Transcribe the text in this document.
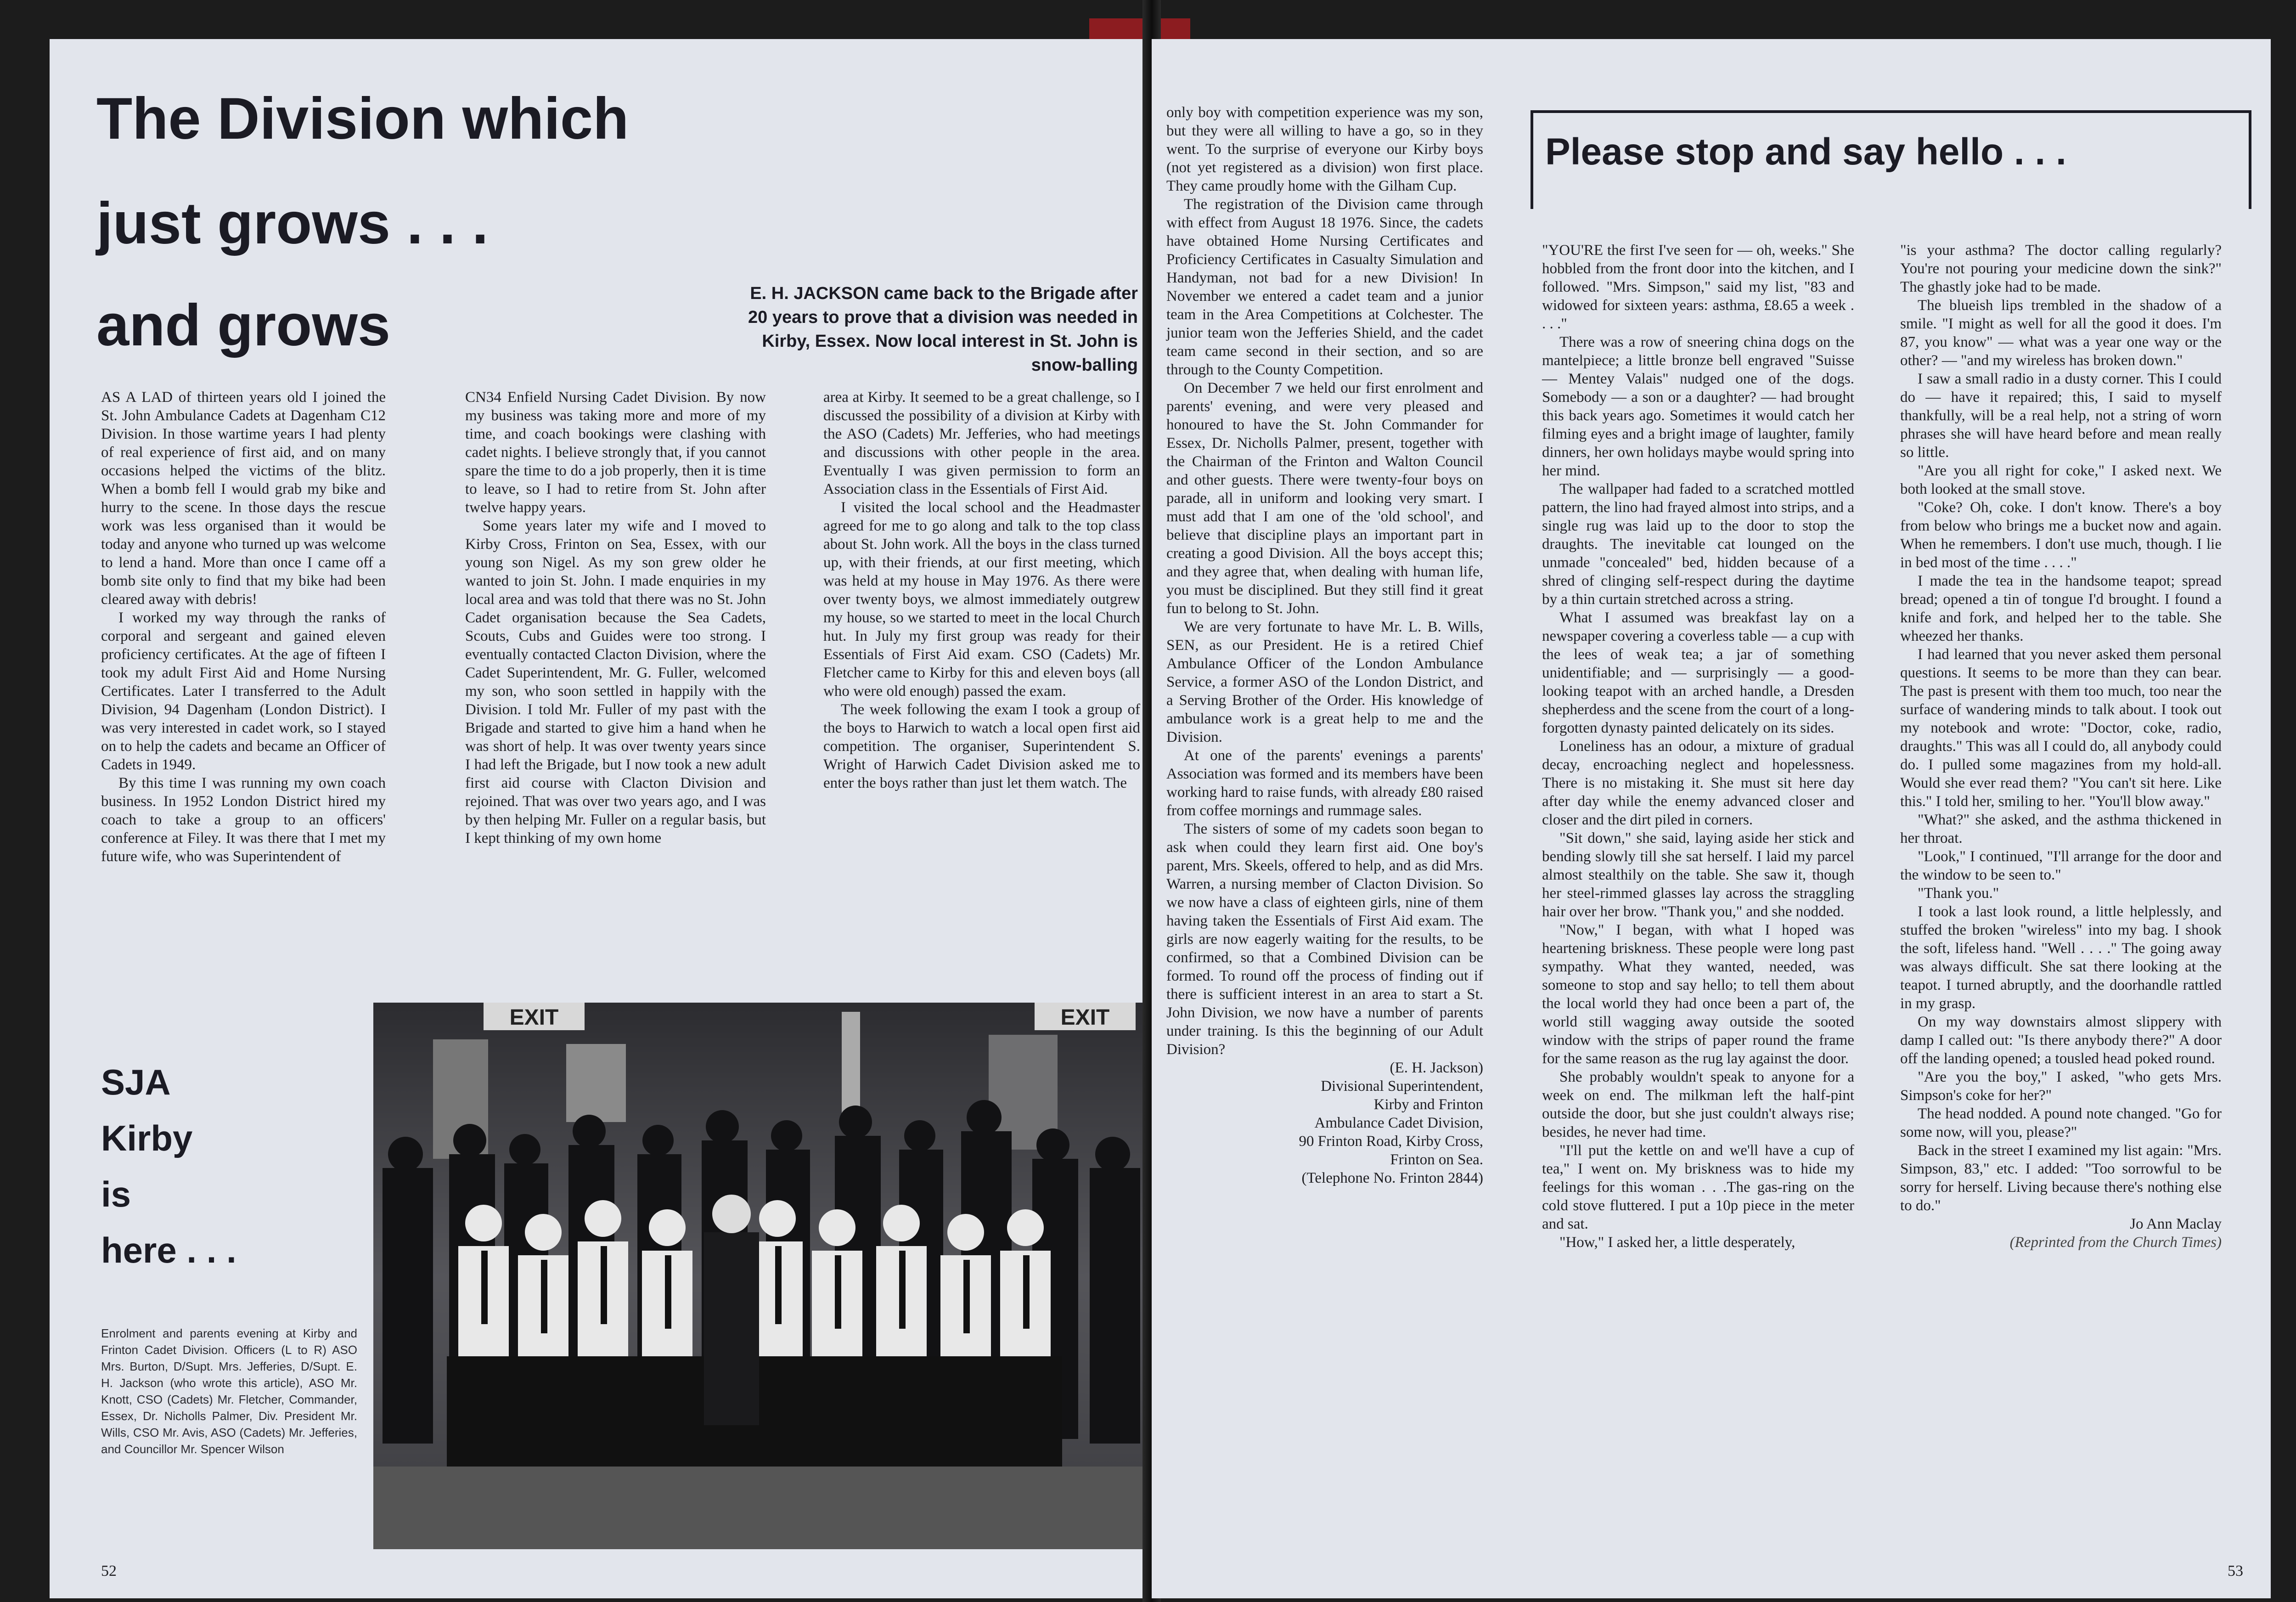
The Division which
just grows . . .
and grows	E. H. JACKSON came back to the Brigade after 20 years to prove that a division was needed in Kirby, Essex. Now local interest in St. John is snow-balling

AS A LAD of thirteen years old I joined the St. John Ambulance Cadets at Dagenham C12 Division. In those wartime years I had plenty of real experience of first aid, and on many occasions helped the victims of the blitz. When a bomb fell I would grab my bike and hurry to the scene. In those days the rescue work was less organised than it would be today and anyone who turned up was welcome to lend a hand. More than once I came off a bomb site only to find that my bike had been cleared away with debris!

I worked my way through the ranks of corporal and sergeant and gained eleven proficiency certificates. At the age of fifteen I took my adult First Aid and Home Nursing Certificates. Later I transferred to the Adult Division, 94 Dagenham (London District). I was very interested in cadet work, so I stayed on to help the cadets and became an Officer of Cadets in 1949.

By this time I was running my own coach business. In 1952 London District hired my coach to take a group to an officers' conference at Filey. It was there that I met my future wife, who was Superintendent of

CN34 Enfield Nursing Cadet Division. By now my business was taking more and more of my time, and coach bookings were clashing with cadet nights. I believe strongly that, if you cannot spare the time to do a job properly, then it is time to leave, so I had to retire from St. John after twelve happy years.

Some years later my wife and I moved to Kirby Cross, Frinton on Sea, Essex, with our young son Nigel. As my son grew older he wanted to join St. John. I made enquiries in my local area and was told that there was no St. John Cadet organisation because the Sea Cadets, Scouts, Cubs and Guides were too strong. I eventually contacted Clacton Division, where the Cadet Superintendent, Mr. G. Fuller, welcomed my son, who soon settled in happily with the Division. I told Mr. Fuller of my past with the Brigade and started to give him a hand when he was short of help. It was over twenty years since I had left the Brigade, but I now took a new adult first aid course with Clacton Division and rejoined. That was over two years ago, and I was by then helping Mr. Fuller on a regular basis, but I kept thinking of my own home

area at Kirby. It seemed to be a great challenge, so I discussed the possibility of a division at Kirby with the ASO (Cadets) Mr. Jefferies, who had meetings and discussions with other people in the area. Eventually I was given permission to form an Association class in the Essentials of First Aid.

I visited the local school and the Headmaster agreed for me to go along and talk to the top class about St. John work. All the boys in the class turned up, with their friends, at our first meeting, which was held at my house in May 1976. As there were over twenty boys, we almost immediately outgrew my house, so we started to meet in the local Church hut. In July my first group was ready for their Essentials of First Aid exam. CSO (Cadets) Mr. Fletcher came to Kirby for this and eleven boys (all who were old enough) passed the exam.

The week following the exam I took a group of the boys to Harwich to watch a local open first aid competition. The organiser, Superintendent S. Wright of Harwich Cadet Division asked me to enter the boys rather than just let them watch. The

SJA
Kirby
is
here . . .
Enrolment and parents evening at Kirby and Frinton Cadet Division. Officers (L to R) ASO Mrs. Burton, D/Supt. Mrs. Jefferies, D/Supt. E. H. Jackson (who wrote this article), ASO Mr. Knott, CSO (Cadets) Mr. Fletcher, Commander, Essex, Dr. Nicholls Palmer, Div. President Mr. Wills, CSO Mr. Avis, ASO (Cadets) Mr. Jefferies, and Councillor Mr. Spencer Wilson
EXIT	EXIT
52

only boy with competition experience was my son, but they were all willing to have a go, so in they went. To the surprise of everyone our Kirby boys (not yet registered as a division) won first place. They came proudly home with the Gilham Cup.

The registration of the Division came through with effect from August 18 1976. Since, the cadets have obtained Home Nursing Certificates and Proficiency Certificates in Casualty Simulation and Handyman, not bad for a new Division! In November we entered a cadet team and a junior team in the Area Competitions at Colchester. The junior team won the Jefferies Shield, and the cadet team came second in their section, and so are through to the County Competition.

On December 7 we held our first enrolment and parents' evening, and were very pleased and honoured to have the St. John Commander for Essex, Dr. Nicholls Palmer, present, together with the Chairman of the Frinton and Walton Council and other guests. There were twenty-four boys on parade, all in uniform and looking very smart. I must add that I am one of the 'old school', and believe that discipline plays an important part in creating a good Division. All the boys accept this; and they agree that, when dealing with human life, you must be disciplined. But they still find it great fun to belong to St. John.

We are very fortunate to have Mr. L. B. Wills, SEN, as our President. He is a retired Chief Ambulance Officer of the London Ambulance Service, a former ASO of the London District, and a Serving Brother of the Order. His knowledge of ambulance work is a great help to me and the Division.

At one of the parents' evenings a parents' Association was formed and its members have been working hard to raise funds, with already £80 raised from coffee mornings and rummage sales.

The sisters of some of my cadets soon began to ask when could they learn first aid. One boy's parent, Mrs. Skeels, offered to help, and as did Mrs. Warren, a nursing member of Clacton Division. So we now have a class of eighteen girls, nine of them having taken the Essentials of First Aid exam. The girls are now eagerly waiting for the results, to be confirmed, so that a Combined Division can be formed. To round off the process of finding out if there is sufficient interest in an area to start a St. John Division, we now have a number of parents under training. Is this the beginning of our Adult Division?

(E. H. Jackson)

Divisional Superintendent,

Kirby and Frinton

Ambulance Cadet Division,

90 Frinton Road, Kirby Cross,

Frinton on Sea.

(Telephone No. Frinton 2844)

"YOU'RE the first I've seen for — oh, weeks." She hobbled from the front door into the kitchen, and I followed. "Mrs. Simpson," said my list, "83 and widowed for sixteen years: asthma, £8.65 a week . . . ."

There was a row of sneering china dogs on the mantelpiece; a little bronze bell engraved "Suisse — Mentey Valais" nudged one of the dogs. Somebody — a son or a daughter? — had brought this back years ago. Sometimes it would catch her filming eyes and a bright image of laughter, family dinners, her own holidays maybe would spring into her mind.

The wallpaper had faded to a scratched mottled pattern, the lino had frayed almost into strips, and a single rug was laid up to the door to stop the draughts. The inevitable cat lounged on the unmade "concealed" bed, hidden because of a shred of clinging self-respect during the daytime by a thin curtain stretched across a string.

What I assumed was breakfast lay on a newspaper covering a coverless table — a cup with the lees of weak tea; a jar of something unidentifiable; and — surprisingly — a good-looking teapot with an arched handle, a Dresden shepherdess and the scene from the court of a long-forgotten dynasty painted delicately on its sides.

Loneliness has an odour, a mixture of gradual decay, encroaching neglect and hopelessness. There is no mistaking it. She must sit here day after day while the enemy advanced closer and closer and the dirt piled in corners.

"Sit down," she said, laying aside her stick and bending slowly till she sat herself. I laid my parcel almost stealthily on the table. She saw it, though her steel-rimmed glasses lay across the straggling hair over her brow. "Thank you," and she nodded.

"Now," I began, with what I hoped was heartening briskness. These people were long past sympathy. What they wanted, needed, was someone to stop and say hello; to tell them about the local world they had once been a part of, the world still wagging away outside the sooted window with the strips of paper round the frame for the same reason as the rug lay against the door.

She probably wouldn't speak to anyone for a week on end. The milkman left the half-pint outside the door, but she just couldn't always rise; besides, he never had time.

"I'll put the kettle on and we'll have a cup of tea," I went on. My briskness was to hide my feelings for this woman . . .The gas-ring on the cold stove fluttered. I put a 10p piece in the meter and sat.

"How," I asked her, a little desperately,

"is your asthma? The doctor calling regularly? You're not pouring your medicine down the sink?" The ghastly joke had to be made.

The blueish lips trembled in the shadow of a smile. "I might as well for all the good it does. I'm 87, you know" — what was a year one way or the other? — "and my wireless has broken down."

I saw a small radio in a dusty corner. This I could do — have it repaired; this, I said to myself thankfully, will be a real help, not a string of worn phrases she will have heard before and mean really so little.

"Are you all right for coke," I asked next. We both looked at the small stove.

"Coke? Oh, coke. I don't know. There's a boy from below who brings me a bucket now and again. When he remembers. I don't use much, though. I lie in bed most of the time . . . ."

I made the tea in the handsome teapot; spread bread; opened a tin of tongue I'd brought. I found a knife and fork, and helped her to the table. She wheezed her thanks.

I had learned that you never asked them personal questions. It seems to be more than they can bear. The past is present with them too much, too near the surface of wandering minds to talk about. I took out my notebook and wrote: "Doctor, coke, radio, draughts." This was all I could do, all anybody could do. I pulled some magazines from my hold-all. Would she ever read them? "You can't sit here. Like this." I told her, smiling to her. "You'll blow away."

"What?" she asked, and the asthma thickened in her throat.

"Look," I continued, "I'll arrange for the door and the window to be seen to."

"Thank you."

I took a last look round, a little helplessly, and stuffed the broken "wireless" into my bag. I shook the soft, lifeless hand. "Well . . . ." The going away was always difficult. She sat there looking at the teapot. I turned abruptly, and the doorhandle rattled in my grasp.

On my way downstairs almost slippery with damp I called out: "Is there anybody there?" A door off the landing opened; a tousled head poked round.

"Are you the boy," I asked, "who gets Mrs. Simpson's coke for her?"

The head nodded. A pound note changed. "Go for some now, will you, please?"

Back in the street I examined my list again: "Mrs. Simpson, 83," etc. I added: "Too sorrowful to be sorry for herself. Living because there's nothing else to do."

Jo Ann Maclay

(Reprinted from the Church Times)

53
Please stop and say hello . . .
